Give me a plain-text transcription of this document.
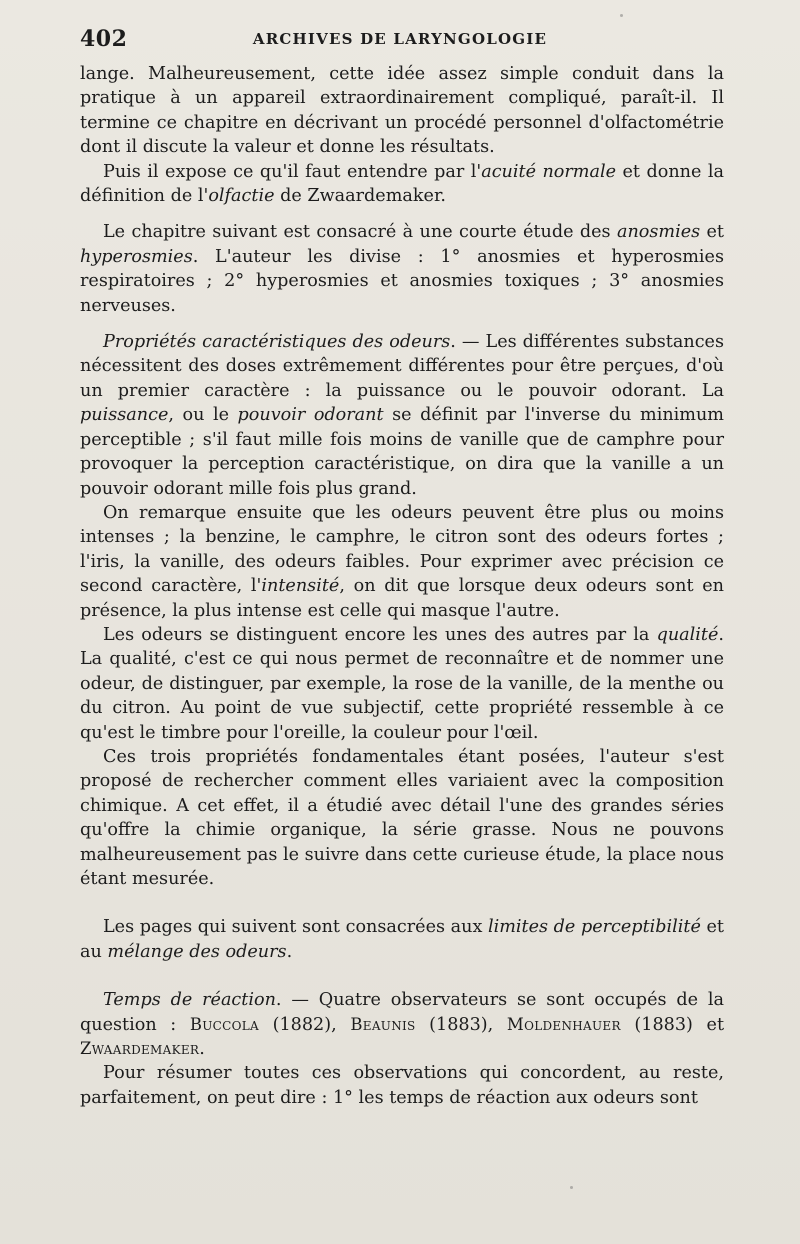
402	ARCHIVES DE LARYNGOLOGIE

lange. Malheureusement, cette idée assez simple conduit dans la pratique à un appareil extraordinairement compliqué, paraît-il. Il termine ce chapitre en décrivant un procédé personnel d'olfactométrie dont il discute la valeur et donne les résultats.

Puis il expose ce qu'il faut entendre par l'acuité normale et donne la définition de l'olfactie de Zwaardemaker.

Le chapitre suivant est consacré à une courte étude des anosmies et hyperosmies. L'auteur les divise : 1° anosmies et hyperosmies respiratoires ; 2° hyperosmies et anosmies toxiques ; 3° anosmies nerveuses.

Propriétés caractéristiques des odeurs. — Les différentes substances nécessitent des doses extrêmement différentes pour être perçues, d'où un premier caractère : la puissance ou le pouvoir odorant. La puissance, ou le pouvoir odorant se définit par l'inverse du minimum perceptible ; s'il faut mille fois moins de vanille que de camphre pour provoquer la perception caractéristique, on dira que la vanille a un pouvoir odorant mille fois plus grand.

On remarque ensuite que les odeurs peuvent être plus ou moins intenses ; la benzine, le camphre, le citron sont des odeurs fortes ; l'iris, la vanille, des odeurs faibles. Pour exprimer avec précision ce second caractère, l'intensité, on dit que lorsque deux odeurs sont en présence, la plus intense est celle qui masque l'autre.

Les odeurs se distinguent encore les unes des autres par la qualité. La qualité, c'est ce qui nous permet de reconnaître et de nommer une odeur, de distinguer, par exemple, la rose de la vanille, de la menthe ou du citron. Au point de vue subjectif, cette propriété ressemble à ce qu'est le timbre pour l'oreille, la couleur pour l'œil.

Ces trois propriétés fondamentales étant posées, l'auteur s'est proposé de rechercher comment elles variaient avec la composition chimique. A cet effet, il a étudié avec détail l'une des grandes séries qu'offre la chimie organique, la série grasse. Nous ne pouvons malheureusement pas le suivre dans cette curieuse étude, la place nous étant mesurée.

Les pages qui suivent sont consacrées aux limites de perceptibilité et au mélange des odeurs.

Temps de réaction. — Quatre observateurs se sont occupés de la question : Buccola (1882), Beaunis (1883), Moldenhauer (1883) et Zwaardemaker.

Pour résumer toutes ces observations qui concordent, au reste, parfaitement, on peut dire : 1° les temps de réaction aux odeurs sont
